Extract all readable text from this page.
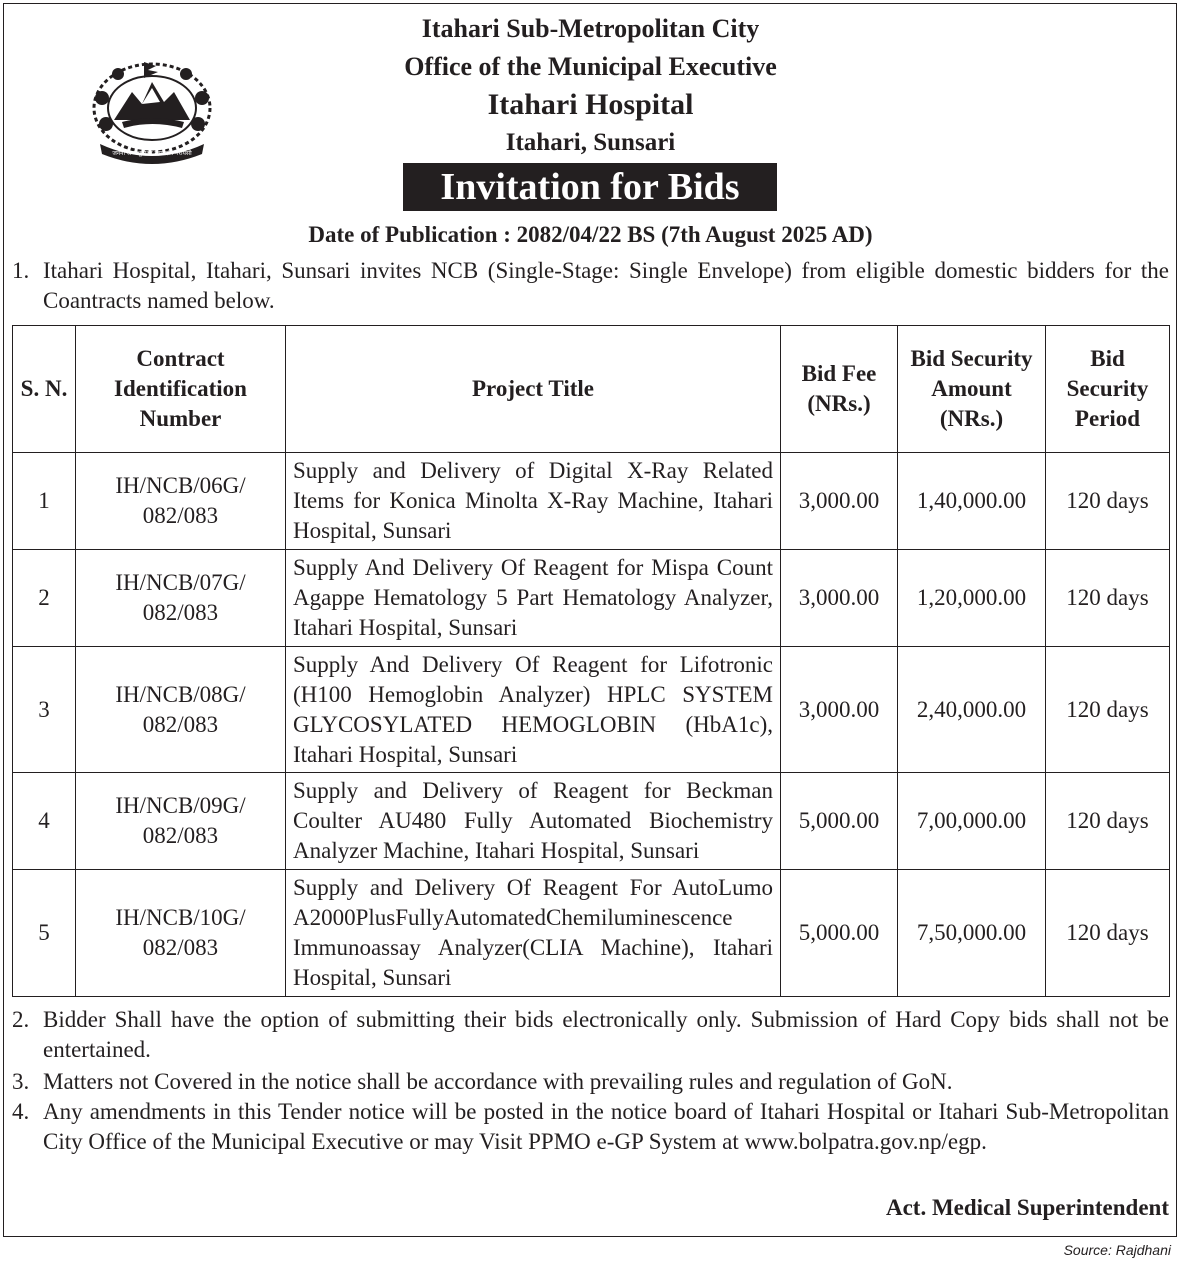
जननी जन्मभूमिश्च स्वर्गादपि गरीयसी
Itahari Sub-Metropolitan City
Office of the Municipal Executive
Itahari Hospital
Itahari, Sunsari
Invitation for Bids
Date of Publication : 2082/04/22 BS (7th August 2025 AD)
1. Itahari Hospital, Itahari, Sunsari invites NCB (Single-Stage: Single Envelope) from eligible domestic bidders for the Coantracts named below.
S. N.	Contract Identification Number	Project Title	Bid Fee (NRs.)	Bid Security Amount (NRs.)	Bid Security Period
1	IH/NCB/06G/ 082/083	Supply and Delivery of Digital X-Ray Related Items for Konica Minolta X-Ray Machine, Itahari Hospital, Sunsari	3,000.00	1,40,000.00	120 days
2	IH/NCB/07G/ 082/083	Supply And Delivery Of Reagent for Mispa Count Agappe Hematology 5 Part Hematology Analyzer, Itahari Hospital, Sunsari	3,000.00	1,20,000.00	120 days
3	IH/NCB/08G/ 082/083	Supply And Delivery Of Reagent for Lifotronic (H100 Hemoglobin Analyzer) HPLC SYSTEM GLYCOSYLATED HEMOGLOBIN (HbA1c), Itahari Hospital, Sunsari	3,000.00	2,40,000.00	120 days
4	IH/NCB/09G/ 082/083	Supply and Delivery of Reagent for Beckman Coulter AU480 Fully Automated Biochemistry Analyzer Machine, Itahari Hospital, Sunsari	5,000.00	7,00,000.00	120 days
5	IH/NCB/10G/ 082/083	Supply and Delivery Of Reagent For AutoLumo A2000PlusFullyAutomatedChemiluminescence Immunoassay Analyzer(CLIA Machine), Itahari Hospital, Sunsari	5,000.00	7,50,000.00	120 days
2. Bidder Shall have the option of submitting their bids electronically only. Submission of Hard Copy bids shall not be entertained.
3. Matters not Covered in the notice shall be accordance with prevailing rules and regulation of GoN.
4. Any amendments in this Tender notice will be posted in the notice board of Itahari Hospital or Itahari Sub-Metropolitan City Office of the Municipal Executive or may Visit PPMO e-GP System at www.bolpatra.gov.np/egp.
Act. Medical Superintendent
Source: Rajdhani
